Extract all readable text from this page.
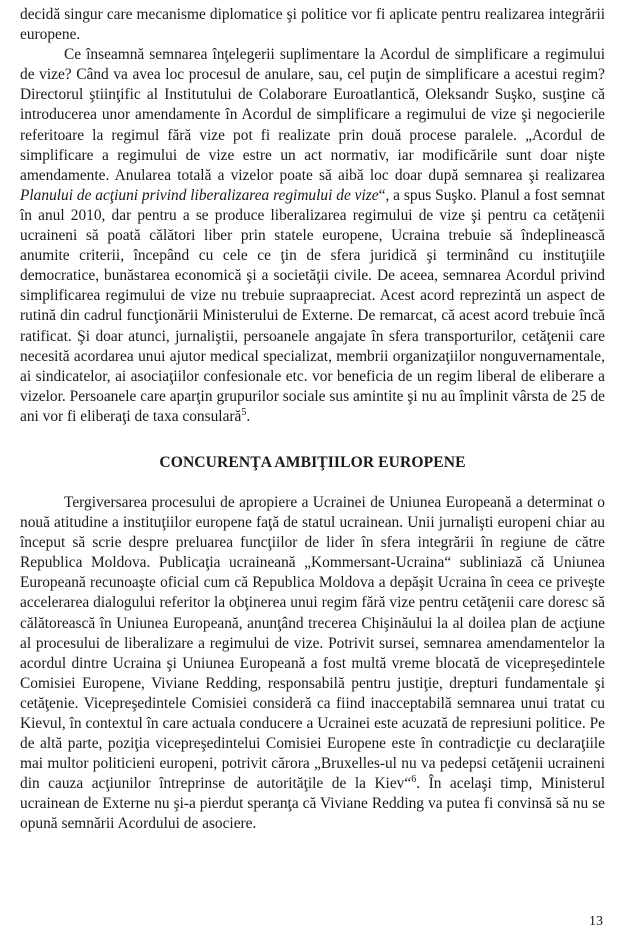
decidă singur care mecanisme diplomatice şi politice vor fi aplicate pentru realizarea integrării europene.

Ce înseamnă semnarea înţelegerii suplimentare la Acordul de simplificare a regimului de vize? Când va avea loc procesul de anulare, sau, cel puţin de simplificare a acestui regim? Directorul ştiinţific al Institutului de Colaborare Euroatlantică, Oleksandr Suşko, susţine că introducerea unor amendamente în Acordul de simplificare a regimului de vize şi negocierile referitoare la regimul fără vize pot fi realizate prin două procese paralele. „Acordul de simplificare a regimului de vize estre un act normativ, iar modificările sunt doar nişte amendamente. Anularea totală a vizelor poate să aibă loc doar după semnarea şi realizarea Planului de acţiuni privind liberalizarea regimului de vize“, a spus Suşko. Planul a fost semnat în anul 2010, dar pentru a se produce liberalizarea regimului de vize şi pentru ca cetăţenii ucraineni să poată călători liber prin statele europene, Ucraina trebuie să îndeplinească anumite criterii, începând cu cele ce ţin de sfera juridică şi terminând cu instituţiile democratice, bunăstarea economică şi a societăţii civile. De aceea, semnarea Acordul privind simplificarea regimului de vize nu trebuie supraapreciat. Acest acord reprezintă un aspect de rutină din cadrul funcţionării Ministerului de Externe. De remarcat, că acest acord trebuie încă ratificat. Şi doar atunci, jurnaliştii, persoanele angajate în sfera transporturilor, cetăţenii care necesită acordarea unui ajutor medical specializat, membrii organizaţiilor nonguvernamentale, ai sindicatelor, ai asociaţiilor confesionale etc. vor beneficia de un regim liberal de eliberare a vizelor. Persoanele care aparţin grupurilor sociale sus amintite şi nu au împlinit vârsta de 25 de ani vor fi eliberaţi de taxa consulară$^5$.

CONCURENŢA AMBIŢIILOR EUROPENE

Tergiversarea procesului de apropiere a Ucrainei de Uniunea Europeană a determinat o nouă atitudine a instituţiilor europene faţă de statul ucrainean. Unii jurnalişti europeni chiar au început să scrie despre preluarea funcţiilor de lider în sfera integrării în regiune de către Republica Moldova. Publicaţia ucraineană „Kommersant-Ucraina“ subliniază că Uniunea Europeană recunoaşte oficial cum că Republica Moldova a depăşit Ucraina în ceea ce priveşte accelerarea dialogului referitor la obţinerea unui regim fără vize pentru cetăţenii care doresc să călătorească în Uniunea Europeană, anunţând trecerea Chişinăului la al doilea plan de acţiune al procesului de liberalizare a regimului de vize. Potrivit sursei, semnarea amendamentelor la acordul dintre Ucraina şi Uniunea Europeană a fost multă vreme blocată de vicepreşedintele Comisiei Europene, Viviane Redding, responsabilă pentru justiţie, drepturi fundamentale şi cetăţenie. Vicepreşedintele Comisiei consideră ca fiind inacceptabilă semnarea unui tratat cu Kievul, în contextul în care actuala conducere a Ucrainei este acuzată de represiuni politice. Pe de altă parte, poziţia vicepreşedintelui Comisiei Europene este în contradicţie cu declaraţiile mai multor politicieni europeni, potrivit cărora „Bruxelles-ul nu va pedepsi cetăţenii ucraineni din cauza acţiunilor întreprinse de autorităţile de la Kiev“$^6$. În acelaşi timp, Ministerul ucrainean de Externe nu şi-a pierdut speranţa că Viviane Redding va putea fi convinsă să nu se opună semnării Acordului de asociere.

13
